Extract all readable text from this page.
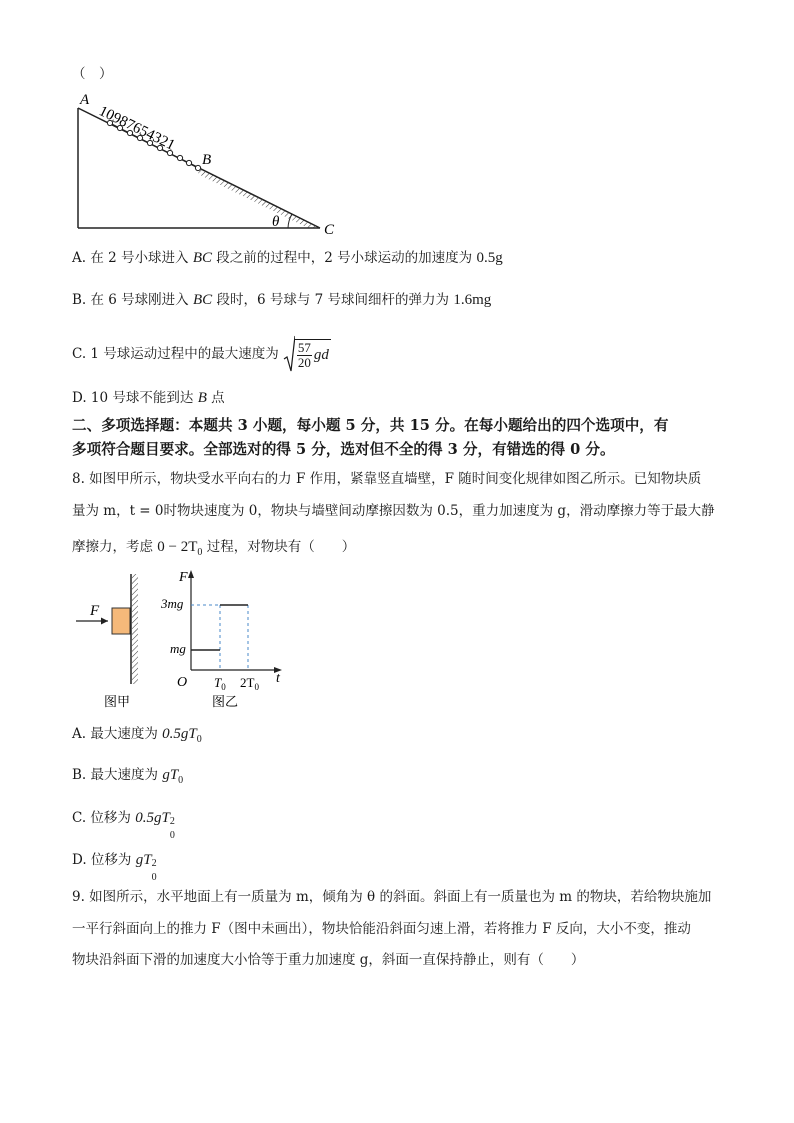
（　）
10987654321
A
B
C
θ
A. 在 2 号小球进入 BC 段之前的过程中，2 号小球运动的加速度为 0.5g
B. 在 6 号球刚进入 BC 段时，6 号球与 7 号球间细杆的弹力为 1.6mg
C. 1 号球运动过程中的最大速度为 $\frac{57}{20}$ gd
D. 10 号球不能到达 B 点
二、多项选择题：本题共 3 小题，每小题 5 分，共 15 分。在每小题给出的四个选项中，有
多项符合题目要求。全部选对的得 5 分，选对但不全的得 3 分，有错选的得 0 分。
8. 如图甲所示，物块受水平向右的力 F 作用，紧靠竖直墙壁，F 随时间变化规律如图乙所示。已知物块质
量为 m，t = 0时物块速度为 0，物块与墙壁间动摩擦因数为 0.5，重力加速度为 g，滑动摩擦力等于最大静
摩擦力，考虑 $0 - 2T_0$ 过程，对物块有（　　）
F
图甲
F
t
O
3mg
mg
$T_0$ $2T_0$
图乙
A. 最大速度为 $0.5gT_0$
B. 最大速度为 $gT_0$
C. 位移为 0.5gT 2
0
D. 位移为 gT 2
0
9. 如图所示，水平地面上有一质量为 m，倾角为 θ 的斜面。斜面上有一质量也为 m 的物块，若给物块施加
一平行斜面向上的推力 F（图中未画出），物块恰能沿斜面匀速上滑，若将推力 F 反向，大小不变，推动
物块沿斜面下滑的加速度大小恰等于重力加速度 g，斜面一直保持静止，则有（　　）
